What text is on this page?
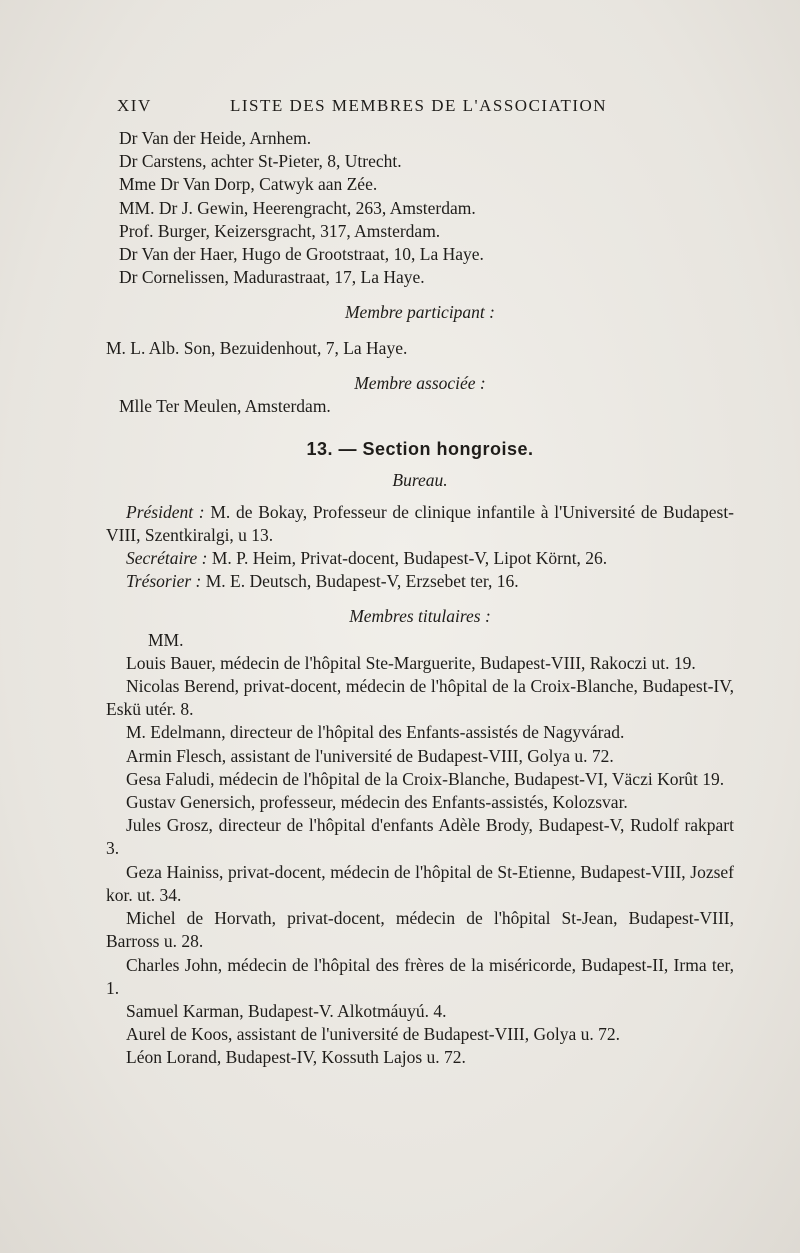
XIV	LISTE DES MEMBRES DE L'ASSOCIATION
Dr Van der Heide, Arnhem.
Dr Carstens, achter St-Pieter, 8, Utrecht.
Mme Dr Van Dorp, Catwyk aan Zée.
MM. Dr J. Gewin, Heerengracht, 263, Amsterdam.
Prof. Burger, Keizersgracht, 317, Amsterdam.
Dr Van der Haer, Hugo de Grootstraat, 10, La Haye.
Dr Cornelissen, Madurastraat, 17, La Haye.
Membre participant :
M. L. Alb. Son, Bezuidenhout, 7, La Haye.
Membre associée :
Mlle Ter Meulen, Amsterdam.
13. — Section hongroise.
Bureau.
Président : M. de Bokay, Professeur de clinique infantile à l'Université de Budapest-VIII, Szentkiralgi, u 13.
Secrétaire : M. P. Heim, Privat-docent, Budapest-V, Lipot Körnt, 26.
Trésorier : M. E. Deutsch, Budapest-V, Erzsebet ter, 16.
Membres titulaires :
MM.
Louis Bauer, médecin de l'hôpital Ste-Marguerite, Budapest-VIII, Rakoczi ut. 19.
Nicolas Berend, privat-docent, médecin de l'hôpital de la Croix-Blanche, Budapest-IV, Eskü utér. 8.
M. Edelmann, directeur de l'hôpital des Enfants-assistés de Nagyvárad.
Armin Flesch, assistant de l'université de Budapest-VIII, Golya u. 72.
Gesa Faludi, médecin de l'hôpital de la Croix-Blanche, Budapest-VI, Väczi Korût 19.
Gustav Genersich, professeur, médecin des Enfants-assistés, Kolozsvar.
Jules Grosz, directeur de l'hôpital d'enfants Adèle Brody, Budapest-V, Rudolf rakpart 3.
Geza Hainiss, privat-docent, médecin de l'hôpital de St-Etienne, Budapest-VIII, Jozsef kor. ut. 34.
Michel de Horvath, privat-docent, médecin de l'hôpital St-Jean, Budapest-VIII, Barross u. 28.
Charles John, médecin de l'hôpital des frères de la miséricorde, Budapest-II, Irma ter, 1.
Samuel Karman, Budapest-V. Alkotmáuyú. 4.
Aurel de Koos, assistant de l'université de Budapest-VIII, Golya u. 72.
Léon Lorand, Budapest-IV, Kossuth Lajos u. 72.
